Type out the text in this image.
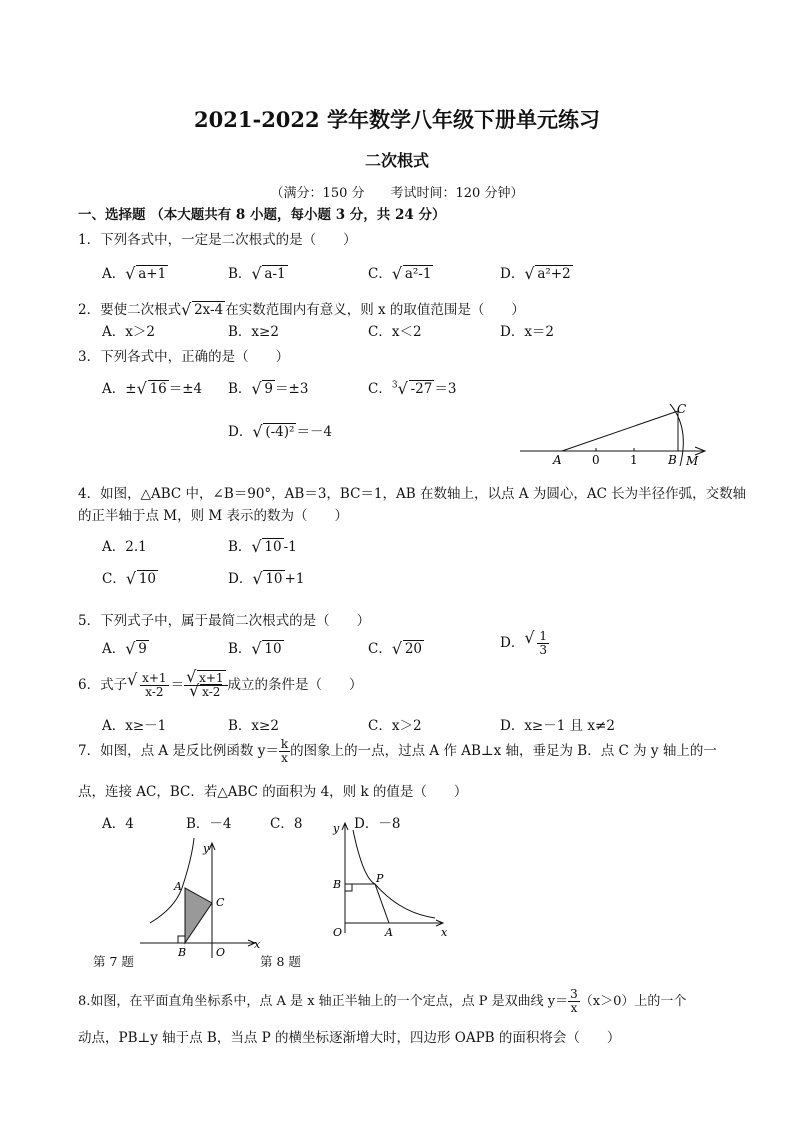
2021-2022 学年数学八年级下册单元练习
二次根式
（满分：150 分　　考试时间：120 分钟）
一、选择题 （本大题共有 8 小题，每小题 3 分，共 24 分）
1．下列各式中，一定是二次根式的是（　　）
A． √ a+1	B． √ a-1	C． √ a²-1	D． √ a²+2
2．要使二次根式 √ 2x-4 在实数范围内有意义，则 x 的取值范围是（　　）
A．x＞2	B．x≥2	C．x＜2	D．x＝2
3．下列各式中，正确的是（　　）
A．± √ 16 ＝±4 B． √ 9 ＝±3	C．$^3$ √ -27 ＝3
D． √ (-4)² ＝－4
A	0	1	B
C
M
4．如图，△ABC 中，∠B＝90°，AB＝3，BC＝1，AB 在数轴上，以点 A 为圆心，AC 长为半径作弧，交数轴
的正半轴于点 M，则 M 表示的数为（　　）
A．2.1	B． √ 10 -1
C． √ 10	D． √ 10 +1
5．下列式子中，属于最简二次根式的是（　　）
A． √ 9	B． √ 10	C． √ 20	D． √ $\frac{1}{3}$
6．式子 √ $\frac{x+1}{x-2}$ ＝ √ x+1
√ x-2 成立的条件是（　　）
A．x≥－1	B．x≥2	C．x＞2	D．x≥－1 且 x≠2
7．如图，点 A 是反比例函数 $y= \frac{k}{x}$ 的图象上的一点，过点 A 作 AB⊥x 轴，垂足为 B．点 C 为 y 轴上的一
点，连接 AC，BC．若△ABC 的面积为 4，则 k 的值是（　　）
A．4	B．－4	C．8	D．－8
y
A
C
B	O
x
第 7 题
y
B	P
O	A	x
第 8 题
8.如图，在平面直角坐标系中，点 A 是 x 轴正半轴上的一个定点，点 P 是双曲线 $y= \frac{3}{x} (x>0)$上的一个
动点，PB⊥y 轴于点 B，当点 P 的横坐标逐渐增大时，四边形 OAPB 的面积将会（　　）
